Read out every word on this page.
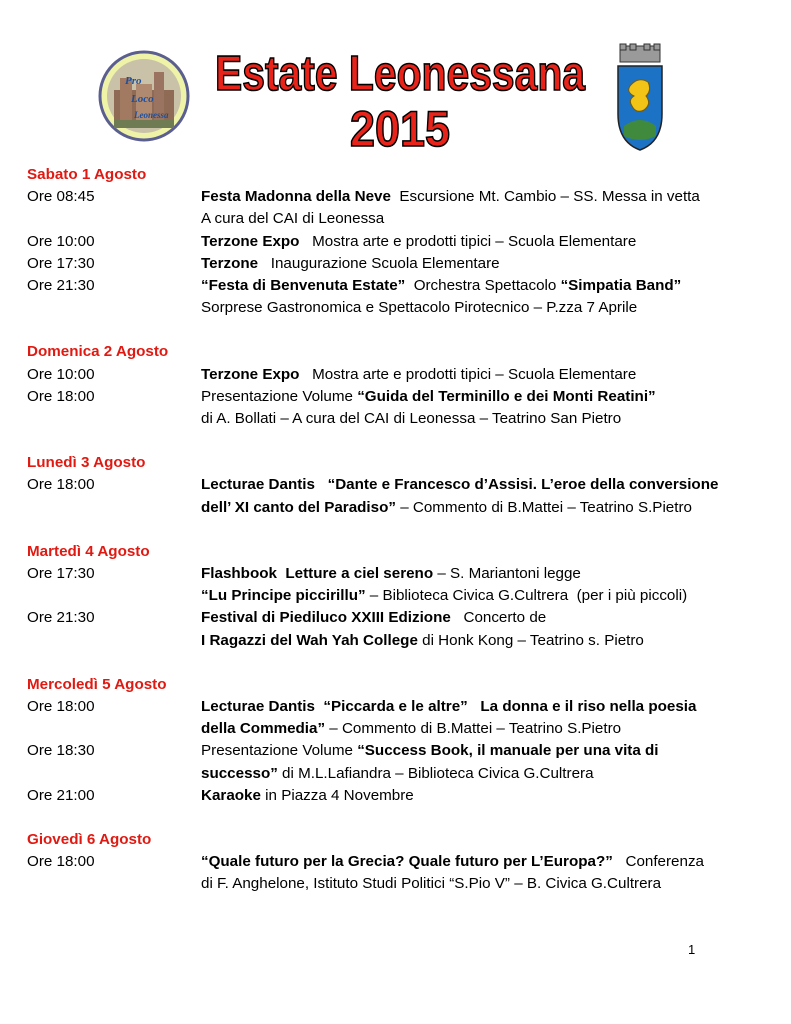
Pro
Loco
Leonessa
Estate Leonessana
2015
Sabato 1 Agosto
Ore 08:45	Festa Madonna della Neve  Escursione Mt. Cambio – SS. Messa in vetta
A cura del CAI di Leonessa
Ore 10:00	Terzone Expo   Mostra arte e prodotti tipici – Scuola Elementare
Ore 17:30	Terzone   Inaugurazione Scuola Elementare
Ore 21:30	“Festa di Benvenuta Estate”  Orchestra Spettacolo “Simpatia Band”
Sorprese Gastronomica e Spettacolo Pirotecnico – P.zza 7 Aprile
Domenica 2 Agosto
Ore 10:00	Terzone Expo   Mostra arte e prodotti tipici – Scuola Elementare
Ore 18:00	Presentazione Volume “Guida del Terminillo e dei Monti Reatini”
di A. Bollati – A cura del CAI di Leonessa – Teatrino San Pietro
Lunedì 3 Agosto
Ore 18:00	Lecturae Dantis   “Dante e Francesco d’Assisi. L’eroe della conversione
dell’ XI canto del Paradiso” – Commento di B.Mattei – Teatrino S.Pietro
Martedì 4 Agosto
Ore 17:30	Flashbook  Letture a ciel sereno – S. Mariantoni legge
“Lu Principe piccirillu” – Biblioteca Civica G.Cultrera  (per i più piccoli)
Ore 21:30	Festival di Piediluco XXIII Edizione   Concerto de
I Ragazzi del Wah Yah College di Honk Kong – Teatrino s. Pietro
Mercoledì 5 Agosto
Ore 18:00	Lecturae Dantis  “Piccarda e le altre”   La donna e il riso nella poesia
della Commedia” – Commento di B.Mattei – Teatrino S.Pietro
Ore 18:30	Presentazione Volume “Success Book, il manuale per una vita di
successo” di M.L.Lafiandra – Biblioteca Civica G.Cultrera
Ore 21:00	Karaoke in Piazza 4 Novembre
Giovedì 6 Agosto
Ore 18:00	“Quale futuro per la Grecia? Quale futuro per L’Europa?”   Conferenza
di F. Anghelone, Istituto Studi Politici “S.Pio V” – B. Civica G.Cultrera
1
